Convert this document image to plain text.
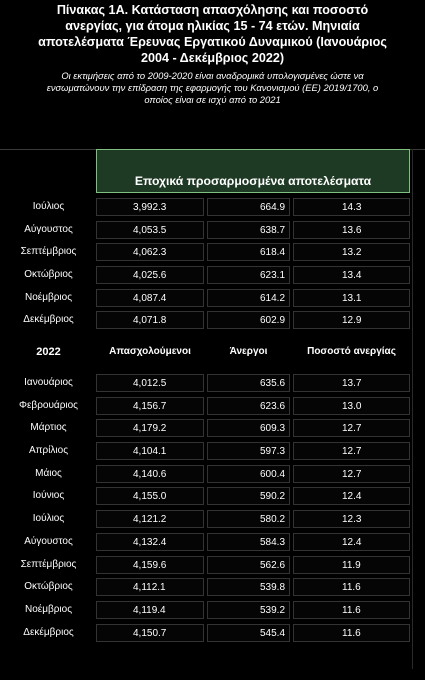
Πίνακας 1Α. Κατάσταση απασχόλησης και ποσοστό
ανεργίας, για άτομα ηλικίας 15 - 74 ετών. Μηνιαία
αποτελέσματα Έρευνας Εργατικού Δυναμικού (Ιανουάριος
2004 - Δεκέμβριος 2022)
Οι εκτιμήσεις από το 2009-2020 είναι αναδρομικά υπολογισμένες ώστε να
ενσωματώνουν την επίδραση της εφαρμογής του Κανονισμού (ΕΕ) 2019/1700, ο
οποίος είναι σε ισχύ από το 2021
Εποχικά προσαρμοσμένα αποτελέσματα
Ιούλιος	3,992.3	664.9	14.3
Αύγουστος	4,053.5	638.7	13.6
Σεπτέμβριος	4,062.3	618.4	13.2
Οκτώβριος	4,025.6	623.1	13.4
Νοέμβριος	4,087.4	614.2	13.1
Δεκέμβριος	4,071.8	602.9	12.9
2022	Απασχολούμενοι	Άνεργοι	Ποσοστό ανεργίας
Ιανουάριος	4,012.5	635.6	13.7
Φεβρουάριος	4,156.7	623.6	13.0
Μάρτιος	4,179.2	609.3	12.7
Απρίλιος	4,104.1	597.3	12.7
Μάιος	4,140.6	600.4	12.7
Ιούνιος	4,155.0	590.2	12.4
Ιούλιος	4,121.2	580.2	12.3
Αύγουστος	4,132.4	584.3	12.4
Σεπτέμβριος	4,159.6	562.6	11.9
Οκτώβριος	4,112.1	539.8	11.6
Νοέμβριος	4,119.4	539.2	11.6
Δεκέμβριος	4,150.7	545.4	11.6
